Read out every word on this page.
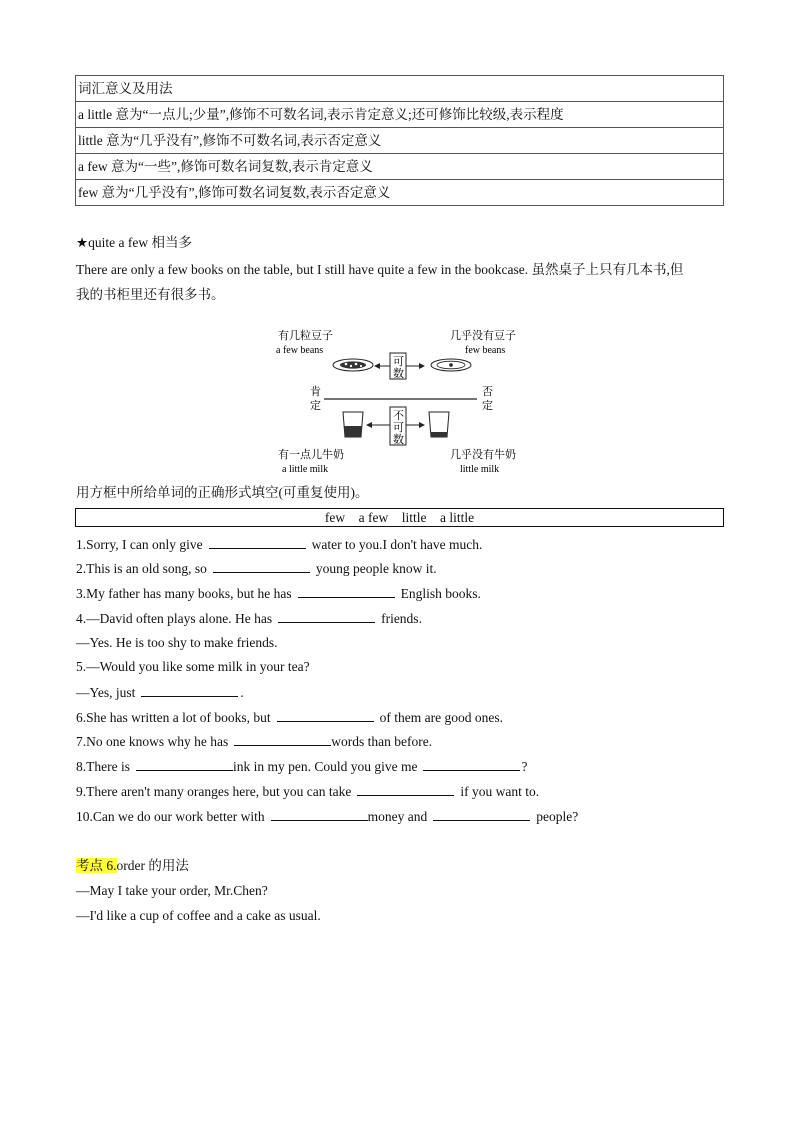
词汇意义及用法
a little 意为“一点儿;少量”,修饰不可数名词,表示肯定意义;还可修饰比较级,表示程度
little 意为“几乎没有”,修饰不可数名词,表示否定意义
a few 意为“一些”,修饰可数名词复数,表示肯定意义
few 意为“几乎没有”,修饰可数名词复数,表示否定意义
★quite a few 相当多
There are only a few books on the table, but I still have quite a few in the bookcase. 虽然桌子上只有几本书,但
我的书柜里还有很多书。
有几粒豆子
a few beans
几乎没有豆子
few beans
可
数
肯
定
否
定
不
可
数
有一点儿牛奶
a little milk
几乎没有牛奶
little milk
用方框中所给单词的正确形式填空(可重复使用)。
few    a few    little    a little
1.Sorry, I can only give	water to you.I don't have much.
2.This is an old song, so	young people know it.
3.My father has many books, but he has	English books.
4.—David often plays alone. He has	friends.
—Yes. He is too shy to make friends.
5.—Would you like some milk in your tea?
—Yes, just	.
6.She has written a lot of books, but	of them are good ones.
7.No one knows why he has	words than before.
8.There is	ink in my pen. Could you give me	?
9.There aren't many oranges here, but you can take	if you want to.
10.Can we do our work better with	money and	people?
考点 6.order 的用法
—May I take your order, Mr.Chen?
—I'd like a cup of coffee and a cake as usual.
